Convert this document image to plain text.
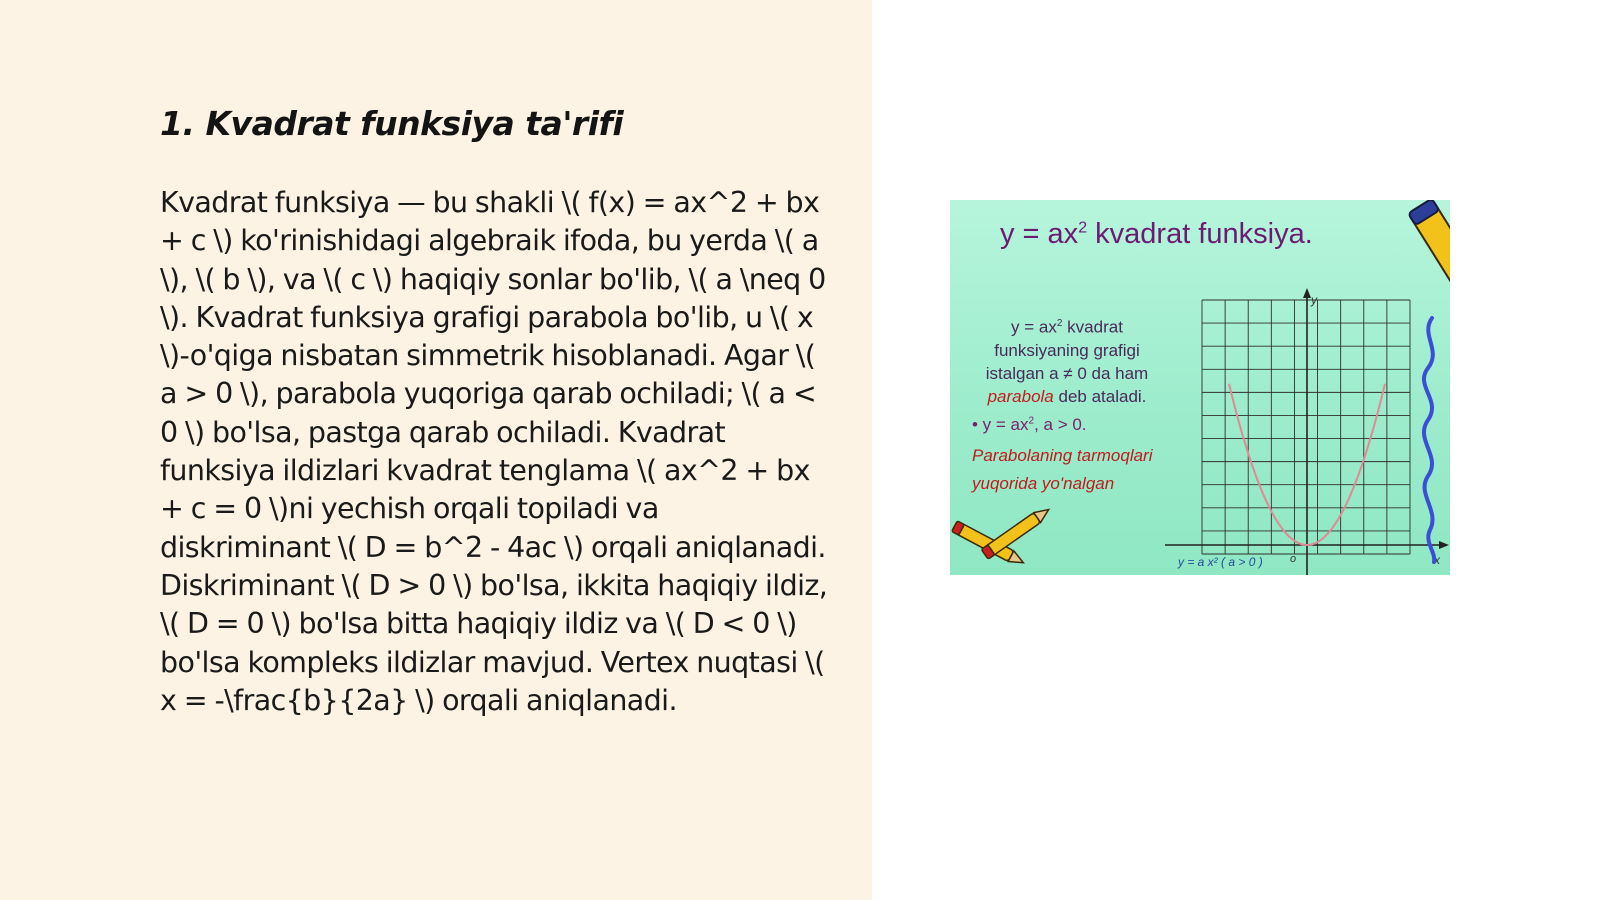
1. Kvadrat funksiya ta'rifi

Kvadrat funksiya — bu shakli \( f(x) = ax^2 + bx + c \) ko'rinishidagi algebraik ifoda, bu yerda \( a \), \( b \), va \( c \) haqiqiy sonlar bo'lib, \( a \neq 0 \). Kvadrat funksiya grafigi parabola bo'lib, u \( x \)-o'qiga nisbatan simmetrik hisoblanadi. Agar \( a > 0 \), parabola yuqoriga qarab ochiladi; \( a < 0 \) bo'lsa, pastga qarab ochiladi. Kvadrat funksiya ildizlari kvadrat tenglama \( ax^2 + bx + c = 0 \)ni yechish orqali topiladi va diskriminant \( D = b^2 - 4ac \) orqali aniqlanadi. Diskriminant \( D > 0 \) bo'lsa, ikkita haqiqiy ildiz, \( D = 0 \) bo'lsa bitta haqiqiy ildiz va \( D < 0 \) bo'lsa kompleks ildizlar mavjud. Vertex nuqtasi \( x = -\frac{b}{2a} \) orqali aniqlanadi.

$y = ax^2$ kvadrat funksiya.
$y = ax^2$ kvadrat
funksiyaning grafigi
istalgan a ≠ 0 da ham
parabola deb ataladi.
• $y = ax^2$, a > 0.
Parabolaning tarmoqlari
yuqorida yo'nalgan
y
x
o
y = a x² ( a > 0 )
